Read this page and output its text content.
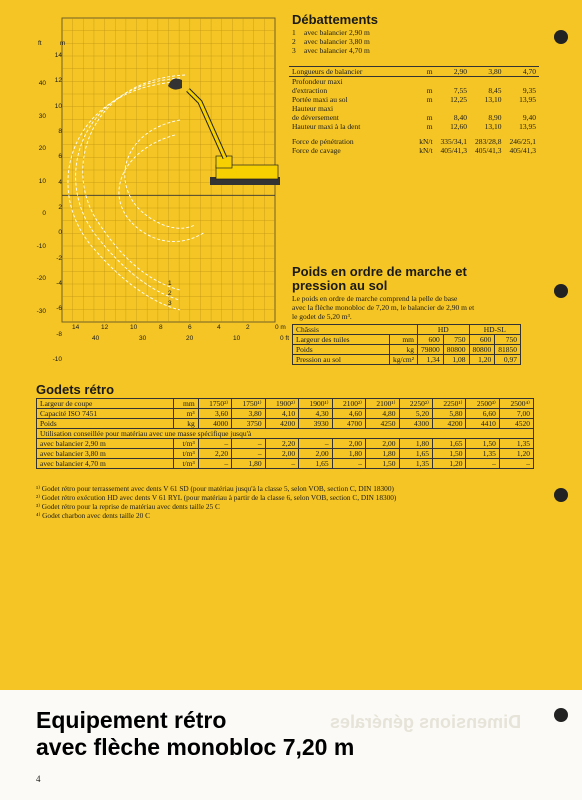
ft	m
14
12
10
8
6
4
2
0
-2
-4
-6
-8
-10
40
30
20
10
0
-10
-20
-30
14	12	10	8	6	4	2	0 m
40	30	20	10	0 ft
1
2
3
Débattements
1 avec balancier 2,90 m
2 avec balancier 3,80 m
3 avec balancier 4,70 m
Longueurs de balancier	m	2,90	3,80	4,70
Profondeur maxi				
d'extraction	m	7,55	8,45	9,35
Portée maxi au sol	m	12,25	13,10	13,95
Hauteur maxi				
de déversement	m	8,40	8,90	9,40
Hauteur maxi à la dent	m	12,60	13,10	13,95

Force de pénétration	kN/t	335/34,1	283/28,8	246/25,1
Force de cavage	kN/t	405/41,3	405/41,3	405/41,3
Poids en ordre de marche et
pression au sol
Le poids en ordre de marche comprend la pelle de base
avec la flèche monobloc de 7,20 m, le balancier de 2,90 m et
le godet de 5,20 m³.
Châssis		HD		HD-SL	
Largeur des tuiles	mm	600	750	600	750
Poids	kg	79800	80800	80800	81850
Pression au sol	kg/cm²	1,34	1,08	1,20	0,97
Godets rétro
Largeur de coupe	mm	1750²⁾	1750¹⁾	1900²⁾	1900¹⁾	2100²⁾	2100¹⁾	2250²⁾	2250¹⁾	2500³⁾	2500⁴⁾
Capacité ISO 7451	m³	3,60	3,80	4,10	4,30	4,60	4,80	5,20	5,80	6,60	7,00
Poids	kg	4000	3750	4200	3930	4700	4250	4300	4200	4410	4520
Utilisation conseillée pour matériau avec une masse spécifique jusqu'à											
avec balancier 2,90 m	t/m³	–	–	2,20	–	2,00	2,00	1,80	1,65	1,50	1,35
avec balancier 3,80 m	t/m³	2,20	–	2,00	2,00	1,80	1,80	1,65	1,50	1,35	1,20
avec balancier 4,70 m	t/m³	–	1,80	–	1,65	–	1,50	1,35	1,20	–	–
¹⁾ Godet rétro pour terrassement avec dents V 61 SD (pour matériau jusqu'à la classe 5, selon VOB, section C, DIN 18300)
²⁾ Godet rétro exécution HD avec dents V 61 RYL (pour matériau à partir de la classe 6, selon VOB, section C, DIN 18300)
³⁾ Godet rétro pour la reprise de matériau avec dents taille 25 C
⁴⁾ Godet charbon avec dents taille 20 C
Dimensions générales
Equipement rétro
avec flèche monobloc 7,20 m
4
